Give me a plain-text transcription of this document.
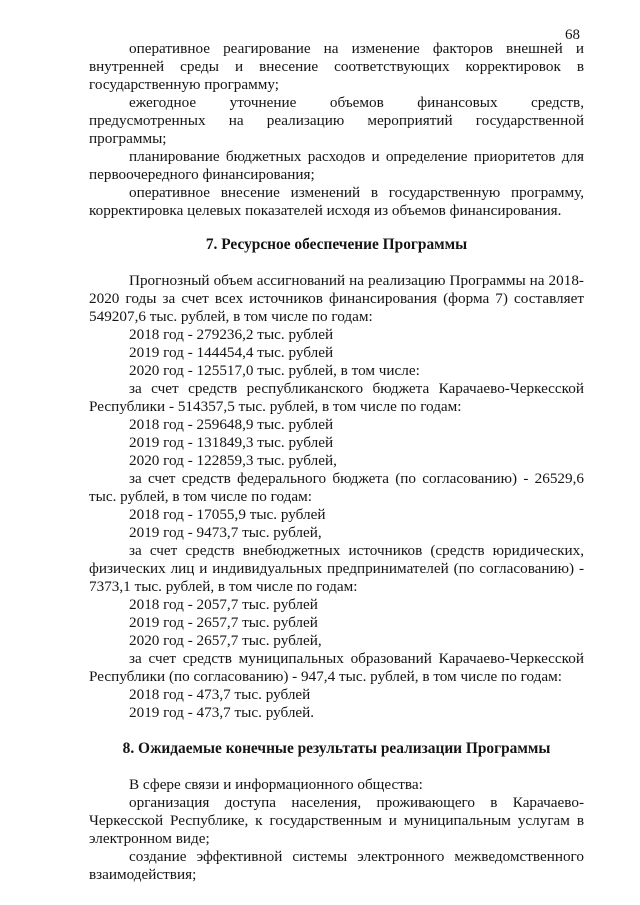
68

оперативное реагирование на изменение факторов внешней и внутренней среды и внесение соответствующих корректировок в государственную программу;

ежегодное уточнение объемов финансовых средств, предусмотренных на реализацию мероприятий государственной программы;

планирование бюджетных расходов и определение приоритетов для первоочередного финансирования;

оперативное внесение изменений в государственную программу, корректировка целевых показателей исходя из объемов финансирования.

7. Ресурсное обеспечение Программы

Прогнозный объем ассигнований на реализацию Программы на 2018-2020 годы за счет всех источников финансирования (форма 7) составляет 549207,6 тыс. рублей, в том числе по годам:

2018 год - 279236,2 тыс. рублей

2019 год - 144454,4 тыс. рублей

2020 год - 125517,0 тыс. рублей, в том числе:

за счет средств республиканского бюджета Карачаево-Черкесской Республики - 514357,5 тыс. рублей, в том числе по годам:

2018 год - 259648,9 тыс. рублей

2019 год - 131849,3 тыс. рублей

2020 год - 122859,3 тыс. рублей,

за счет средств федерального бюджета (по согласованию) - 26529,6 тыс. рублей, в том числе по годам:

2018 год - 17055,9 тыс. рублей

2019 год - 9473,7 тыс. рублей,

за счет средств внебюджетных источников (средств юридических, физических лиц и индивидуальных предпринимателей (по согласованию) - 7373,1 тыс. рублей, в том числе по годам:

2018 год - 2057,7 тыс. рублей

2019 год - 2657,7 тыс. рублей

2020 год - 2657,7 тыс. рублей,

за счет средств муниципальных образований Карачаево-Черкесской Республики (по согласованию) - 947,4 тыс. рублей, в том числе по годам:

2018 год - 473,7 тыс. рублей

2019 год - 473,7 тыс. рублей.

8. Ожидаемые конечные результаты реализации Программы

В сфере связи и информационного общества:

организация доступа населения, проживающего в Карачаево-Черкесской Республике, к государственным и муниципальным услугам в электронном виде;

создание эффективной системы электронного межведомственного взаимодействия;
